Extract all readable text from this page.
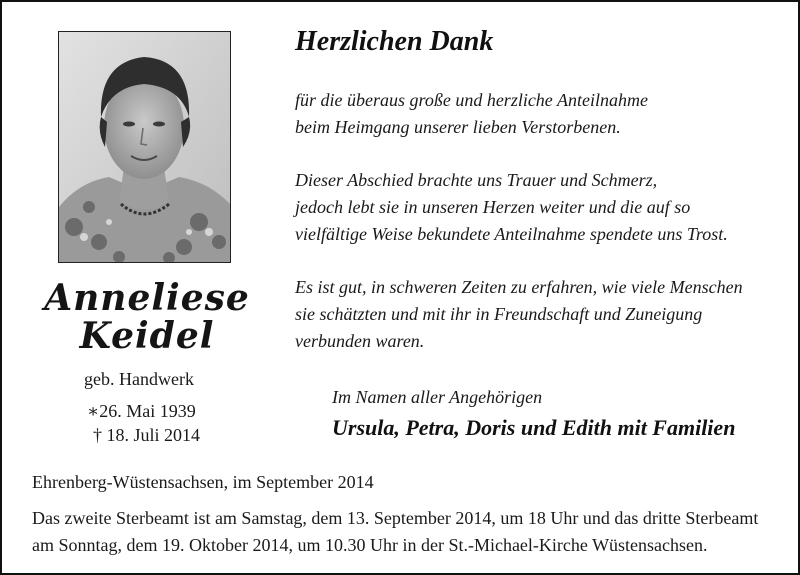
Anneliese
Keidel
geb. Handwerk
∗26. Mai 1939
† 18. Juli 2014
Herzlichen Dank
für die überaus große und herzliche Anteilnahme
beim Heimgang unserer lieben Verstorbenen.
Dieser Abschied brachte uns Trauer und Schmerz,
jedoch lebt sie in unseren Herzen weiter und die auf so
vielfältige Weise bekundete Anteilnahme spendete uns Trost.
Es ist gut, in schweren Zeiten zu erfahren, wie viele Menschen
sie schätzten und mit ihr in Freundschaft und Zuneigung
verbunden waren.
Im Namen aller Angehörigen
Ursula, Petra, Doris und Edith mit Familien
Ehrenberg-Wüstensachsen, im September 2014
Das zweite Sterbeamt ist am Samstag, dem 13. September 2014, um 18 Uhr und das dritte Sterbeamt
am Sonntag, dem 19. Oktober 2014, um 10.30 Uhr in der St.-Michael-Kirche Wüstensachsen.
